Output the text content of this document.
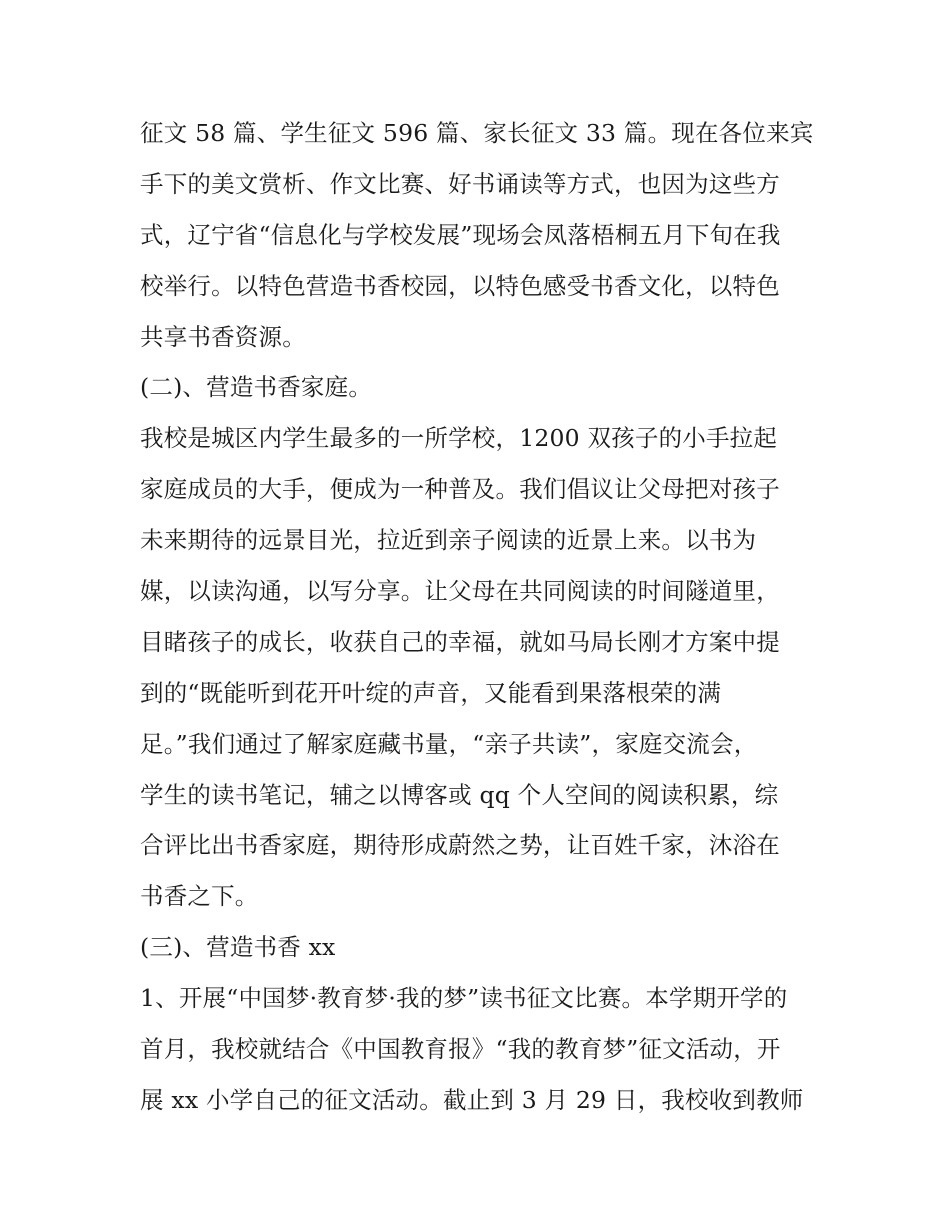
征文 58 篇、学生征文 596 篇、家长征文 33 篇。现在各位来宾
手下的美文赏析、作文比赛、好书诵读等方式，也因为这些方
式，辽宁省“信息化与学校发展”现场会凤落梧桐五月下旬在我
校举行。以特色营造书香校园，以特色感受书香文化，以特色
共享书香资源。
(二)、营造书香家庭。
我校是城区内学生最多的一所学校，1200 双孩子的小手拉起
家庭成员的大手，便成为一种普及。我们倡议让父母把对孩子
未来期待的远景目光，拉近到亲子阅读的近景上来。以书为
媒，以读沟通，以写分享。让父母在共同阅读的时间隧道里，
目睹孩子的成长，收获自己的幸福，就如马局长刚才方案中提
到的“既能听到花开叶绽的声音，又能看到果落根荣的满
足。”我们通过了解家庭藏书量，“亲子共读”，家庭交流会，
学生的读书笔记，辅之以博客或 qq 个人空间的阅读积累，综
合评比出书香家庭，期待形成蔚然之势，让百姓千家，沐浴在
书香之下。
(三)、营造书香 xx
1、开展“中国梦·教育梦·我的梦”读书征文比赛。本学期开学的
首月，我校就结合《中国教育报》“我的教育梦”征文活动，开
展 xx 小学自己的征文活动。截止到 3 月 29 日，我校收到教师
